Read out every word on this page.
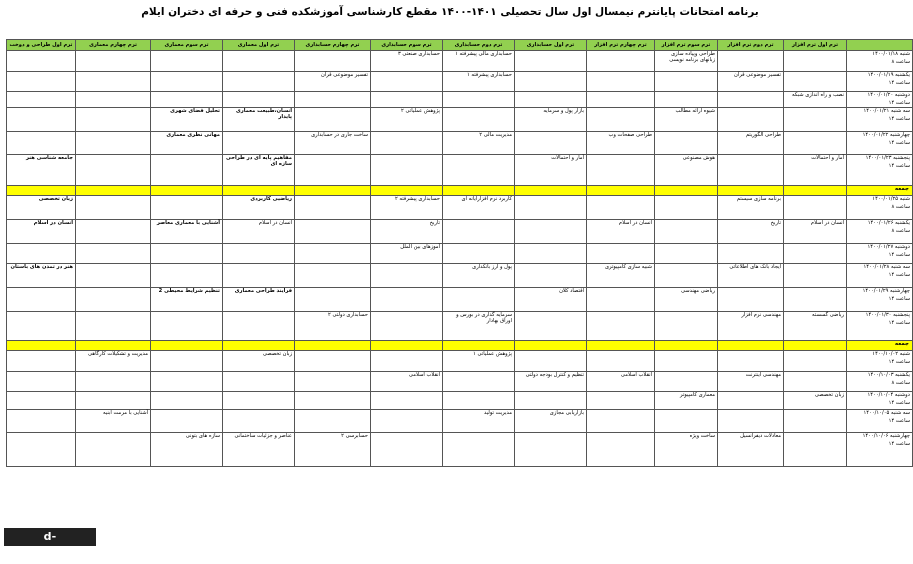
برنامه امتحانات پایانترم نیمسال اول سال تحصیلی ۱۴۰۱-۱۴۰۰ مقطع کارشناسی آموزشکده فنی و حرفه ای دختران ایلام
	ترم اول ترم افزار	ترم دوم ترم افزار	ترم سوم ترم افزار	ترم چهارم ترم افزار	ترم اول حسابداری	ترم دوم حسابداری	ترم سوم حسابداری	ترم چهارم حسابداری	ترم اول معماری	ترم سوم معماری	ترم چهارم معماری	ترم اول طراحی و دوخت

شنبه ۱۴۰۰/۰۱/۱۸
ساعت ۸			طراحی وپیاده سازی زبانهای برنامه نویسی			حسابداری مالی پیشرفته ۱	حسابداری صنعتی ۳					

یکشنبه ۱۴۰۰/۰۱/۱۹
ساعت ۱۴		تفسیر موضوعی قرآن				حسابداری پیشرفته ۱		تفسیر موضوعی قرآن				

دوشنبه ۱۴۰۰/۰۱/۲۰
ساعت ۱۴	نصب و راه اندازی شبکه											

سه شنبه ۱۴۰۰/۰۱/۲۱
ساعت ۱۴			شیوه ارائه مطالب		بازار پول و سرمایه		پژوهش عملیاتی ۲		انسان،طبیعت معماری پایدار	تحلیل فضای شهری		

چهارشنبه ۱۴۰۰/۰۱/۲۲
ساعت ۱۴		طراحی الگوریتم		طراحی صفحات وب		مدیریت مالی ۲		ساخت جاری در حسابداری		مهانی نظری معماری		

پنجشنبه ۱۴۰۰/۰۱/۲۳
ساعت ۱۴	آمار و احتمالات		هوش مصنوعی		آمار و احتمالات				مفاهیم پایه ای در طراحی سازه ای			جامعه شناسی هنر
جمعه												

شنبه ۱۴۰۰/۰۱/۲۵
ساعت ۸		برنامه سازی سیستم				کاربرد نرم افزارایانه ای	حسابداری پیشرفته ۲		ریاضیی کاربردی			زبان تخصصی

یکشنبه ۱۴۰۰/۰۱/۲۶
ساعت ۸	انسان در اسلام	تاریخ		انسان در اسلام			تاریخ		انسان در اسلام	آشنایی با معماری معاصر		انسان در اسلام

دوشنبه ۱۴۰۰/۰۱/۲۷
ساعت ۱۴							آموزهای بین الملل					

سه شنبه ۱۴۰۰/۰۱/۲۸
ساعت ۱۴		ایجاد بانک های اطلاعاتی		شبیه سازی کامپیوتری		پول و ارز بانکداری						هنر در تمدن های باستان

چهارشنبه ۱۴۰۰/۰۱/۲۹
ساعت ۱۴			ریاضی مهندسی		اقتصاد کلان				فرایند طراحی معماری	تنظیم شرایط محیطی 2		

پنجشنبه ۱۴۰۰/۰۱/۳۰
ساعت ۱۴	ریاضی گسسته	مهندسی نرم افزار				سرمایه گذاری در بورس و اوراق بهادار		حسابداری دولتی ۲				
جمعه												

شنبه ۱۴۰۰/۱۰/۰۲
ساعت ۱۴						پژوهش عملیاتی ۱			زبان تخصصی		مدیریت و تشکیلات کارگاهی	

یکشنبه ۱۴۰۰/۱۰/۰۳
ساعت ۸		مهندسی اینترنت		انقلاب اسلامی	تنظیم و کنترل بودجه دولتی		انقلاب اسلامی					

دوشنبه ۱۴۰۰/۱۰/۰۴
ساعت ۱۴	زبان تخصصی		معماری کامپیوتر									

سه شنبه ۱۴۰۰/۱۰/۰۵
ساعت ۱۴					بازاریابی مجازی	مدیریت تولید					آشنایی با مرمت ابنیه	

چهارشنبه ۱۴۰۰/۱۰/۰۶
ساعت ۱۴		معادلات دیفرانسیل	ساخت ویژه					حسابرسی ۲	عناصر و جزئیات ساختمانی	سازه های بتونی		
d-ilam.nus.ac.ir
